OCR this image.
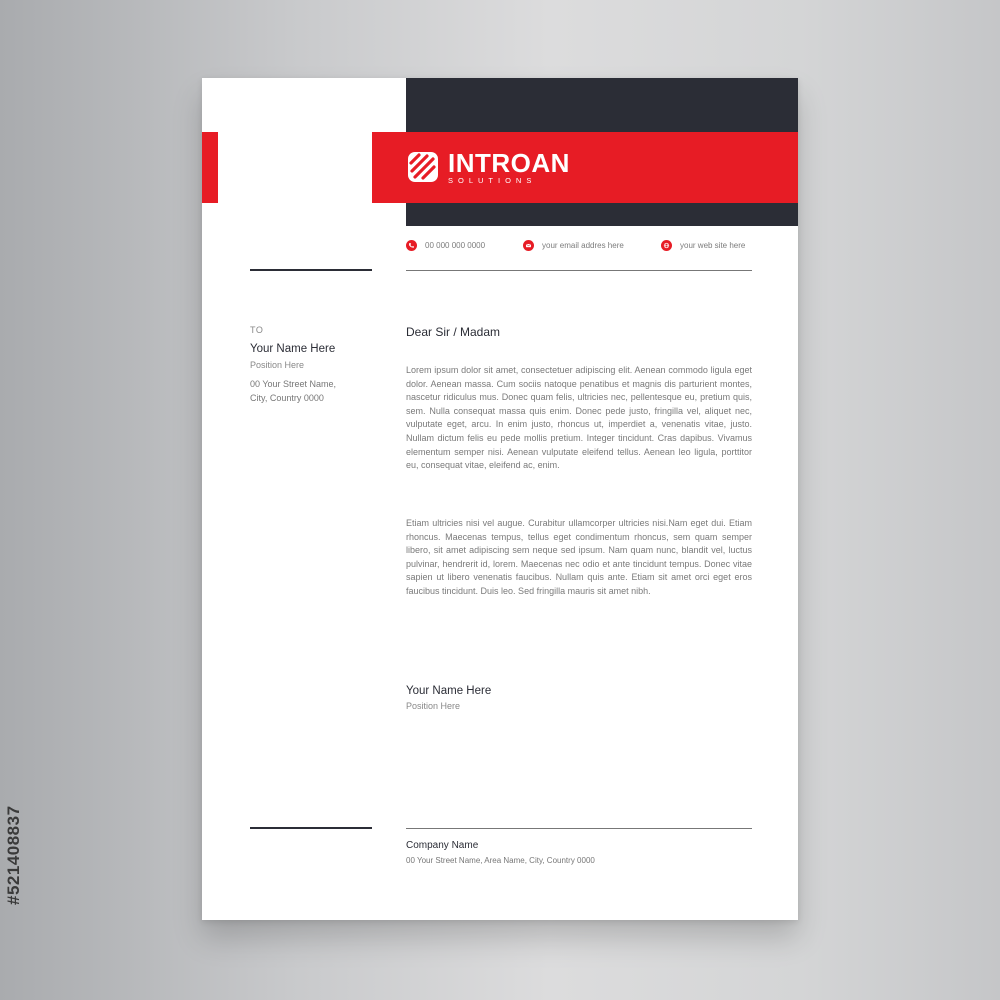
#521408837
INTROAN
SOLUTIONS
00 000 000 0000	your email addres here	your web site here
TO
Your Name Here
Position Here
00 Your Street Name,
City, Country 0000
Dear Sir / Madam

Lorem ipsum dolor sit amet, consectetuer adipiscing elit. Aenean commodo ligula eget dolor. Aenean massa. Cum sociis natoque penatibus et magnis dis parturient montes, nascetur ridiculus mus. Donec quam felis, ultricies nec, pellentesque eu, pretium quis, sem. Nulla consequat massa quis enim. Donec pede justo, fringilla vel, aliquet nec, vulputate eget, arcu. In enim justo, rhoncus ut, imperdiet a, venenatis vitae, justo. Nullam dictum felis eu pede mollis pretium. Integer tincidunt. Cras dapibus. Vivamus elementum semper nisi. Aenean vulputate eleifend tellus. Aenean leo ligula, porttitor eu, consequat vitae, eleifend ac, enim.

Etiam ultricies nisi vel augue. Curabitur ullamcorper ultricies nisi.Nam eget dui. Etiam rhoncus. Maecenas tempus, tellus eget condimentum rhoncus, sem quam semper libero, sit amet adipiscing sem neque sed ipsum. Nam quam nunc, blandit vel, luctus pulvinar, hendrerit id, lorem. Maecenas nec odio et ante tincidunt tempus. Donec vitae sapien ut libero venenatis faucibus. Nullam quis ante. Etiam sit amet orci eget eros faucibus tincidunt. Duis leo. Sed fringilla mauris sit amet nibh.

Your Name Here
Position Here
Company Name
00 Your Street Name, Area Name, City, Country 0000
